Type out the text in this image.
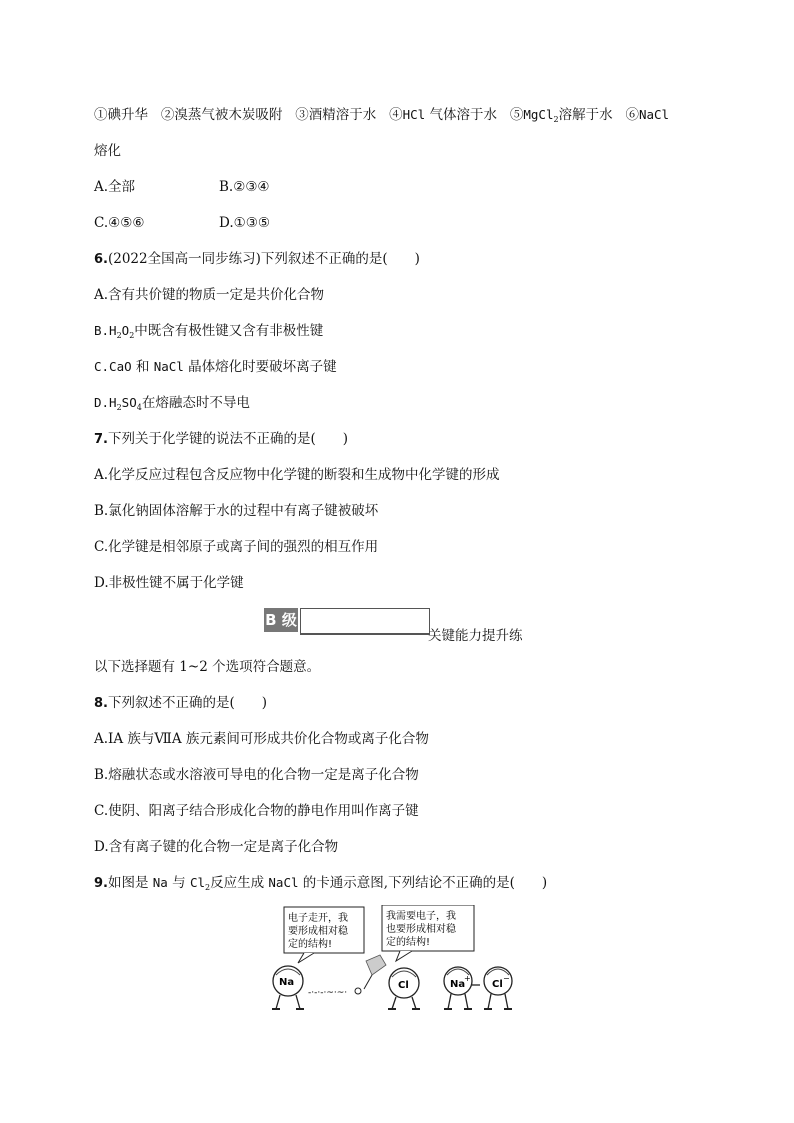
①碘升华 ②溴蒸气被木炭吸附 ③酒精溶于水 ④HCl 气体溶于水 ⑤MgCl$_2$溶解于水 ⑥NaCl
熔化
A.全部	B.②③④
C.④⑤⑥	D.①③⑤
6.(2022全国高一同步练习)下列叙述不正确的是(　　)
A.含有共价键的物质一定是共价化合物
$B.H_2O_2$中既含有极性键又含有非极性键
C.CaO 和 NaCl 晶体熔化时要破坏离子键
$D.H_2SO_4$在熔融态时不导电
7.下列关于化学键的说法不正确的是(　　)
A.化学反应过程包含反应物中化学键的断裂和生成物中化学键的形成
B.氯化钠固体溶解于水的过程中有离子键被破坏
C.化学键是相邻原子或离子间的强烈的相互作用
D.非极性键不属于化学键
B 级
关键能力提升练
以下选择题有 1~2 个选项符合题意。
8.下列叙述不正确的是(　　)
A.ⅠA 族与ⅦA 族元素间可形成共价化合物或离子化合物
B.熔融状态或水溶液可导电的化合物一定是离子化合物
C.使阴、阳离子结合形成化合物的静电作用叫作离子键
D.含有离子键的化合物一定是离子化合物
9.如图是 Na 与 $Cl_2$反应生成 NaCl 的卡通示意图,下列结论不正确的是(　　)
电子走开，我
要形成相对稳
定的结构!
我需要电子，我
也要形成相对稳
定的结构!
Na
-·-·-·~·~·
Cl	Na
+
Cl
−
